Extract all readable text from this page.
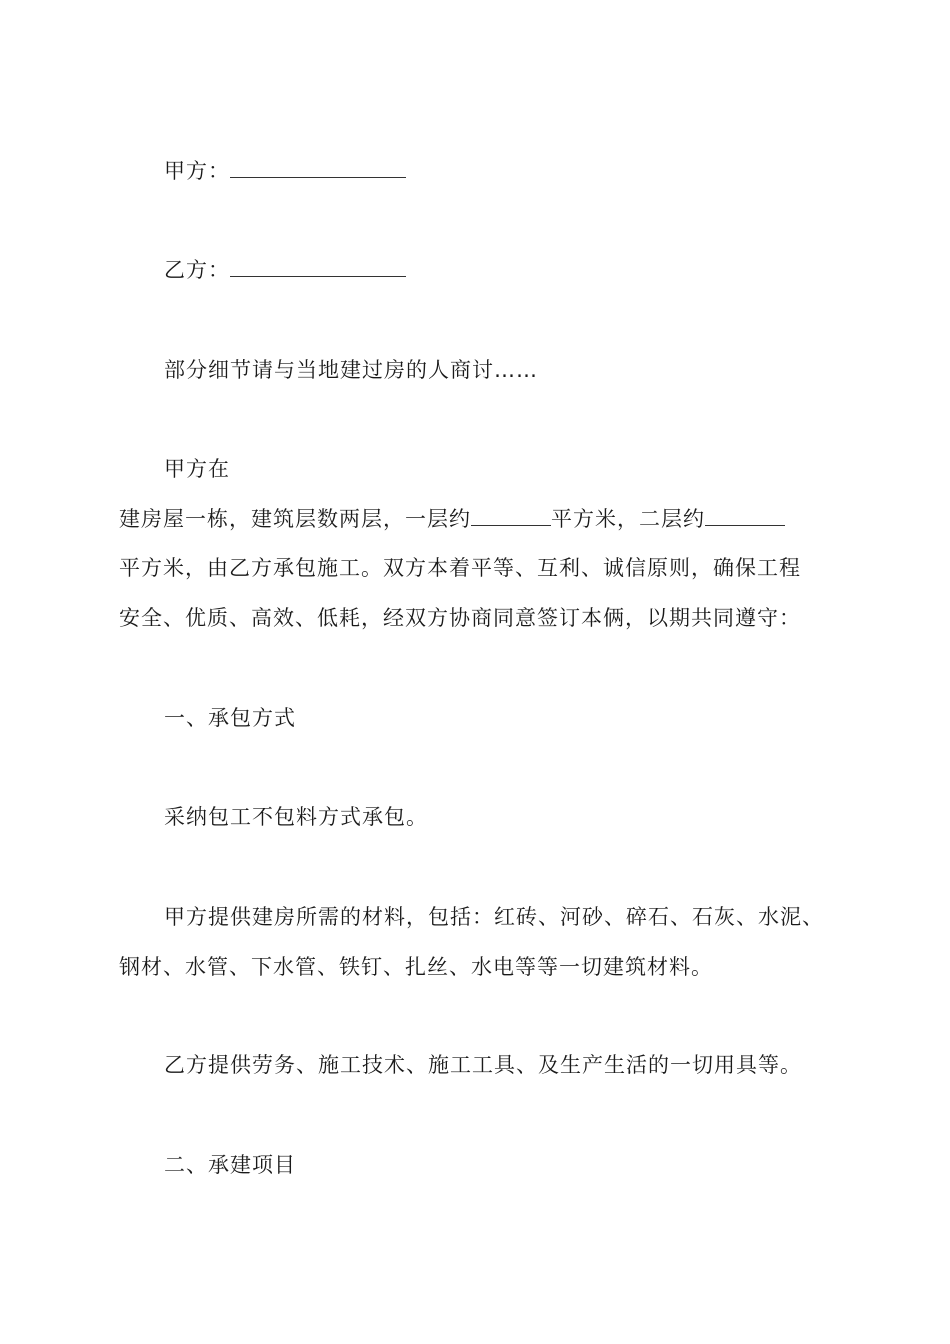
甲方：
乙方：
部分细节请与当地建过房的人商讨……
甲方在
建房屋一栋，建筑层数两层，一层约	平方米，二层约
平方米，由乙方承包施工。双方本着平等、互利、诚信原则，确保工程
安全、优质、高效、低耗，经双方协商同意签订本俩，以期共同遵守：
一、承包方式
采纳包工不包料方式承包。
甲方提供建房所需的材料，包括：红砖、河砂、碎石、石灰、水泥、
钢材、水管、下水管、铁钉、扎丝、水电等等一切建筑材料。
乙方提供劳务、施工技术、施工工具、及生产生活的一切用具等。
二、承建项目
